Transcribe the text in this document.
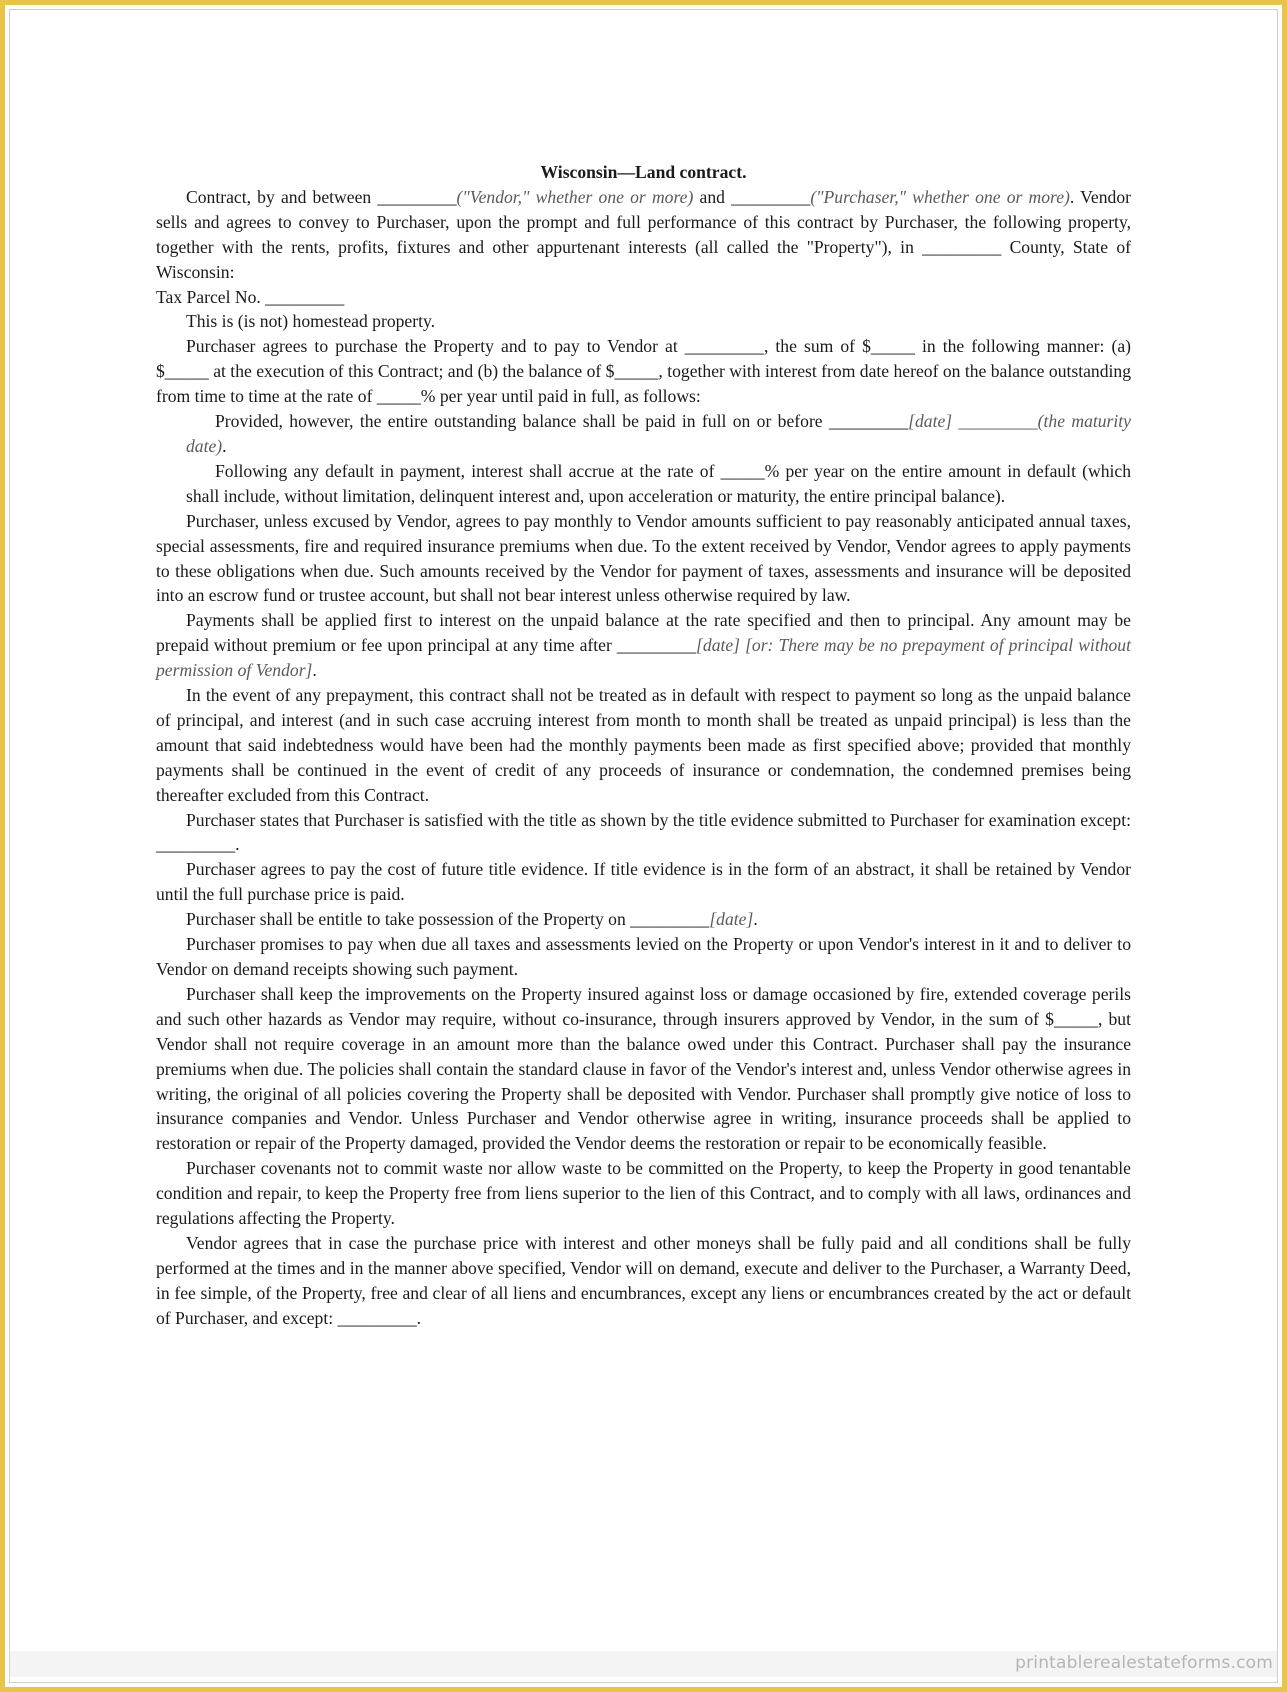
Wisconsin—Land contract.

Contract, by and between _________("Vendor," whether one or more) and _________("Purchaser," whether one or more). Vendor sells and agrees to convey to Purchaser, upon the prompt and full performance of this contract by Purchaser, the following property, together with the rents, profits, fixtures and other appurtenant interests (all called the "Property"), in _________ County, State of Wisconsin:

Tax Parcel No. _________

This is (is not) homestead property.

Purchaser agrees to purchase the Property and to pay to Vendor at _________, the sum of $_____ in the following manner: (a) $_____ at the execution of this Contract; and (b) the balance of $_____, together with interest from date hereof on the balance outstanding from time to time at the rate of _____% per year until paid in full, as follows:

Provided, however, the entire outstanding balance shall be paid in full on or before _________[date] _________(the maturity date).

Following any default in payment, interest shall accrue at the rate of _____% per year on the entire amount in default (which shall include, without limitation, delinquent interest and, upon acceleration or maturity, the entire principal balance).

Purchaser, unless excused by Vendor, agrees to pay monthly to Vendor amounts sufficient to pay reasonably anticipated annual taxes, special assessments, fire and required insurance premiums when due. To the extent received by Vendor, Vendor agrees to apply payments to these obligations when due. Such amounts received by the Vendor for payment of taxes, assessments and insurance will be deposited into an escrow fund or trustee account, but shall not bear interest unless otherwise required by law.

Payments shall be applied first to interest on the unpaid balance at the rate specified and then to principal. Any amount may be prepaid without premium or fee upon principal at any time after _________[date] [or: There may be no prepayment of principal without permission of Vendor].

In the event of any prepayment, this contract shall not be treated as in default with respect to payment so long as the unpaid balance of principal, and interest (and in such case accruing interest from month to month shall be treated as unpaid principal) is less than the amount that said indebtedness would have been had the monthly payments been made as first specified above; provided that monthly payments shall be continued in the event of credit of any proceeds of insurance or condemnation, the condemned premises being thereafter excluded from this Contract.

Purchaser states that Purchaser is satisfied with the title as shown by the title evidence submitted to Purchaser for examination except: _________.

Purchaser agrees to pay the cost of future title evidence. If title evidence is in the form of an abstract, it shall be retained by Vendor until the full purchase price is paid.

Purchaser shall be entitle to take possession of the Property on _________[date].

Purchaser promises to pay when due all taxes and assessments levied on the Property or upon Vendor's interest in it and to deliver to Vendor on demand receipts showing such payment.

Purchaser shall keep the improvements on the Property insured against loss or damage occasioned by fire, extended coverage perils and such other hazards as Vendor may require, without co-insurance, through insurers approved by Vendor, in the sum of $_____, but Vendor shall not require coverage in an amount more than the balance owed under this Contract. Purchaser shall pay the insurance premiums when due. The policies shall contain the standard clause in favor of the Vendor's interest and, unless Vendor otherwise agrees in writing, the original of all policies covering the Property shall be deposited with Vendor. Purchaser shall promptly give notice of loss to insurance companies and Vendor. Unless Purchaser and Vendor otherwise agree in writing, insurance proceeds shall be applied to restoration or repair of the Property damaged, provided the Vendor deems the restoration or repair to be economically feasible.

Purchaser covenants not to commit waste nor allow waste to be committed on the Property, to keep the Property in good tenantable condition and repair, to keep the Property free from liens superior to the lien of this Contract, and to comply with all laws, ordinances and regulations affecting the Property.

Vendor agrees that in case the purchase price with interest and other moneys shall be fully paid and all conditions shall be fully performed at the times and in the manner above specified, Vendor will on demand, execute and deliver to the Purchaser, a Warranty Deed, in fee simple, of the Property, free and clear of all liens and encumbrances, except any liens or encumbrances created by the act or default of Purchaser, and except: _________.

printablerealestateforms.com
